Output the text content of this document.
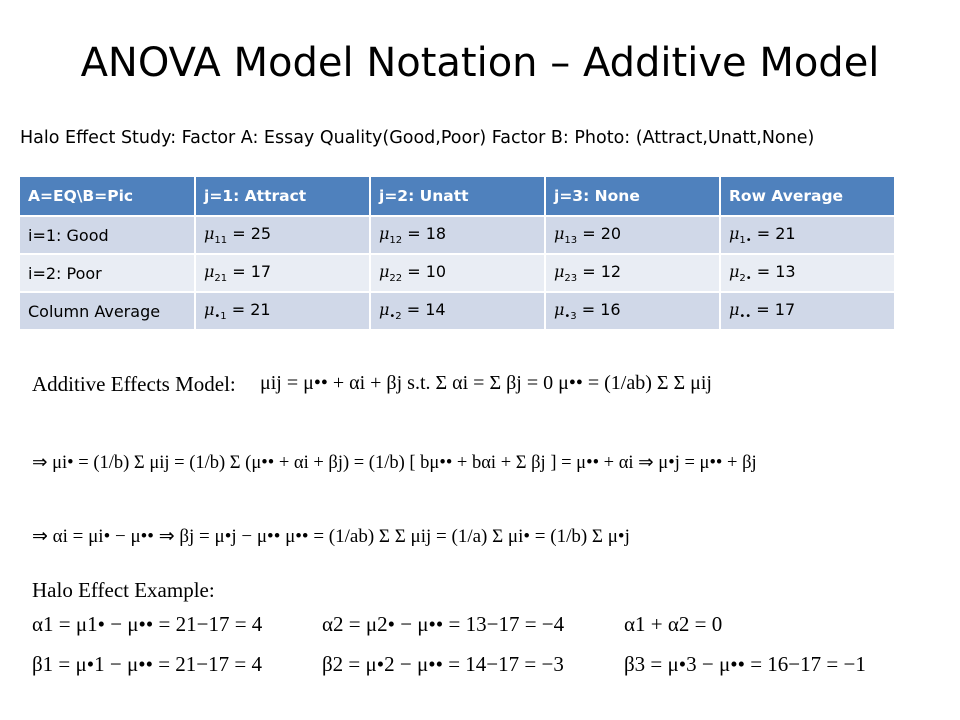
ANOVA Model Notation – Additive Model
Halo Effect Study: Factor A: Essay Quality(Good,Poor) Factor B: Photo: (Attract,Unatt,None)
A=EQ\B=Pic	j=1: Attract	j=2: Unatt	j=3: None	Row Average
i=1: Good	$\mu_{11} = 25$	$\mu_{12} = 18$	$\mu_{13} = 20$	$\mu_{1•} = 21$
i=2: Poor	$\mu_{21} = 17$	$\mu_{22} = 10$	$\mu_{23} = 12$	$\mu_{2•} = 13$
Column Average	$\mu_{•1} = 21$	$\mu_{•2} = 14$	$\mu_{•3} = 16$	$\mu_{••} = 17$
Additive Effects Model: μij = μ•• + αi + βj s.t. Σ αi = Σ βj = 0 μ•• = (1/ab) Σ Σ μij
⇒ μi• = (1/b) Σ μij = (1/b) Σ (μ•• + αi + βj) = (1/b) [ bμ•• + bαi + Σ βj ] = μ•• + αi ⇒ μ•j = μ•• + βj
⇒ αi = μi• − μ•• ⇒ βj = μ•j − μ•• μ•• = (1/ab) Σ Σ μij = (1/a) Σ μi• = (1/b) Σ μ•j
Halo Effect Example:
α1 = μ1• − μ•• = 21−17 = 4	α2 = μ2• − μ•• = 13−17 = −4	α1 + α2 = 0
β1 = μ•1 − μ•• = 21−17 = 4	β2 = μ•2 − μ•• = 14−17 = −3	β3 = μ•3 − μ•• = 16−17 = −1
